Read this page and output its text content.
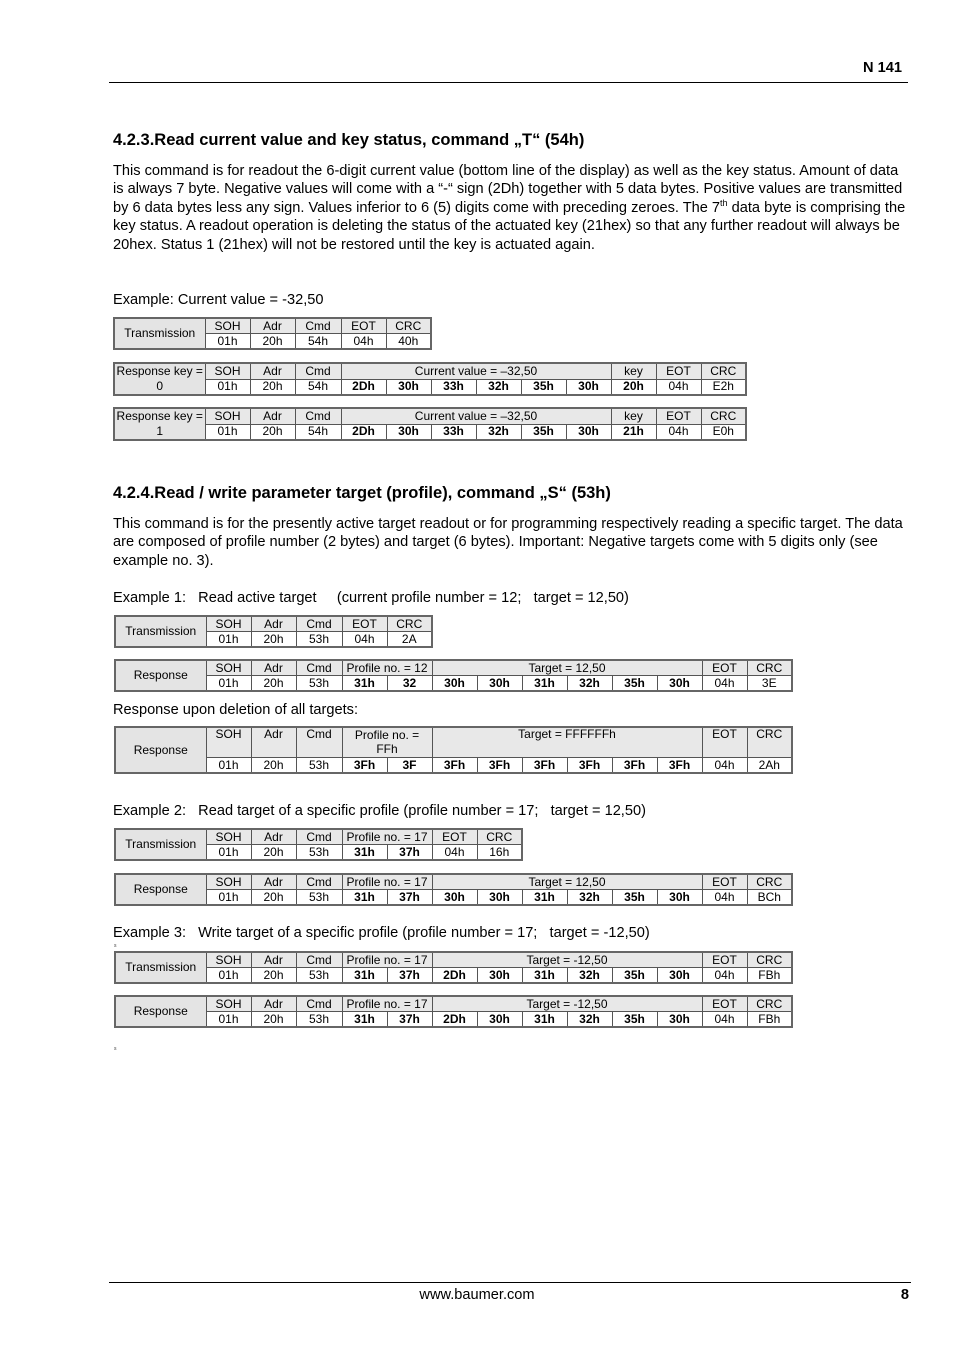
N 141
4.2.3.Read current value and key status, command „T“ (54h)
This command is for readout the 6-digit current value (bottom line of the display) as well as the key status. Amount of data is always 7 byte. Negative values will come with a “-“ sign (2Dh) together with 5 data bytes. Positive values are transmitted by 6 data bytes less any sign. Values inferior to 6 (5) digits come with preceding zeroes. The 7th data byte is comprising the key status. A readout operation is deleting the status of the actuated key (21hex) so that any further readout will always be 20hex. Status 1 (21hex) will not be restored until the key is actuated again.
Example: Current value = -32,50
Transmission	SOH	Adr	Cmd	EOT	CRC
	01h	20h	54h	04h	40h
Response key = 0	SOH	Adr	Cmd	Current value = –32,50						key	EOT	CRC
	01h	20h	54h	2Dh	30h	33h	32h	35h	30h	20h	04h	E2h
Response key = 1	SOH	Adr	Cmd	Current value = –32,50						key	EOT	CRC
	01h	20h	54h	2Dh	30h	33h	32h	35h	30h	21h	04h	E0h
4.2.4.Read / write parameter target (profile), command „S“ (53h)
This command is for the presently active target readout or for programming respectively reading a specific target. The data are composed of profile number (2 bytes) and target (6 bytes). Important: Negative targets come with 5 digits only (see example no. 3).
Example 1:   Read active target     (current profile number = 12;   target = 12,50)
Transmission	SOH	Adr	Cmd	EOT	CRC
	01h	20h	53h	04h	2A
Response	SOH	Adr	Cmd	Profile no. = 12		Target = 12,50						EOT	CRC
	01h	20h	53h	31h	32	30h	30h	31h	32h	35h	30h	04h	3E
Response upon deletion of all targets:
Response	SOH	Adr	Cmd	Profile no. = FFh		Target = FFFFFFh						EOT	CRC
	01h	20h	53h	3Fh	3F	3Fh	3Fh	3Fh	3Fh	3Fh	3Fh	04h	2Ah
Example 2:   Read target of a specific profile (profile number = 17;   target = 12,50)
Transmission	SOH	Adr	Cmd	Profile no. = 17		EOT	CRC
	01h	20h	53h	31h	37h	04h	16h
Response	SOH	Adr	Cmd	Profile no. = 17		Target = 12,50						EOT	CRC
	01h	20h	53h	31h	37h	30h	30h	31h	32h	35h	30h	04h	BCh
Example 3:   Write target of a specific profile (profile number = 17;   target = -12,50)
s
Transmission	SOH	Adr	Cmd	Profile no. = 17		Target = -12,50						EOT	CRC
	01h	20h	53h	31h	37h	2Dh	30h	31h	32h	35h	30h	04h	FBh
Response	SOH	Adr	Cmd	Profile no. = 17		Target = -12,50						EOT	CRC
	01h	20h	53h	31h	37h	2Dh	30h	31h	32h	35h	30h	04h	FBh
s
www.baumer.com	8
